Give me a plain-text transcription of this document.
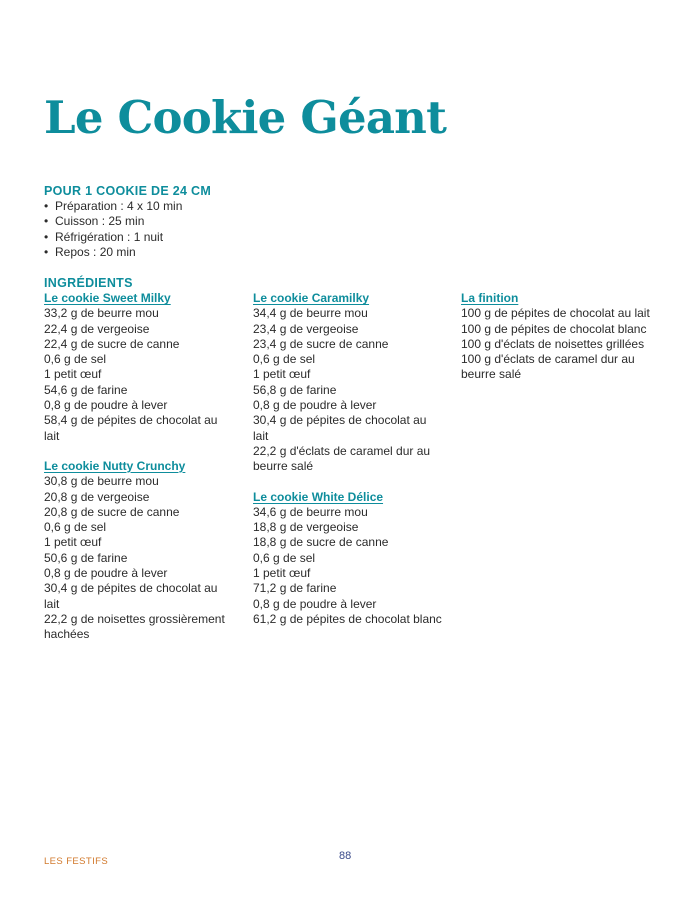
Le Cookie Géant
POUR 1 COOKIE DE 24 CM
• Préparation : 4 x 10 min
• Cuisson : 25 min
• Réfrigération : 1 nuit
• Repos : 20 min
INGRÉDIENTS
Le cookie Sweet Milky
33,2 g de beurre mou
22,4 g de vergeoise
22,4 g de sucre de canne
0,6 g de sel
1 petit œuf
54,6 g de farine
0,8 g de poudre à lever
58,4 g de pépites de chocolat au lait
Le cookie Nutty Crunchy
30,8 g de beurre mou
20,8 g de vergeoise
20,8 g de sucre de canne
0,6 g de sel
1 petit œuf
50,6 g de farine
0,8 g de poudre à lever
30,4 g de pépites de chocolat au lait
22,2 g de noisettes grossièrement hachées
Le cookie Caramilky
34,4 g de beurre mou
23,4 g de vergeoise
23,4 g de sucre de canne
0,6 g de sel
1 petit œuf
56,8 g de farine
0,8 g de poudre à lever
30,4 g de pépites de chocolat au lait
22,2 g d'éclats de caramel dur au beurre salé
Le cookie White Délice
34,6 g de beurre mou
18,8 g de vergeoise
18,8 g de sucre de canne
0,6 g de sel
1 petit œuf
71,2 g de farine
0,8 g de poudre à lever
61,2 g de pépites de chocolat blanc
La finition
100 g de pépites de chocolat au lait
100 g de pépites de chocolat blanc
100 g d'éclats de noisettes grillées
100 g d'éclats de caramel dur au beurre salé
LES FESTIFS	88
